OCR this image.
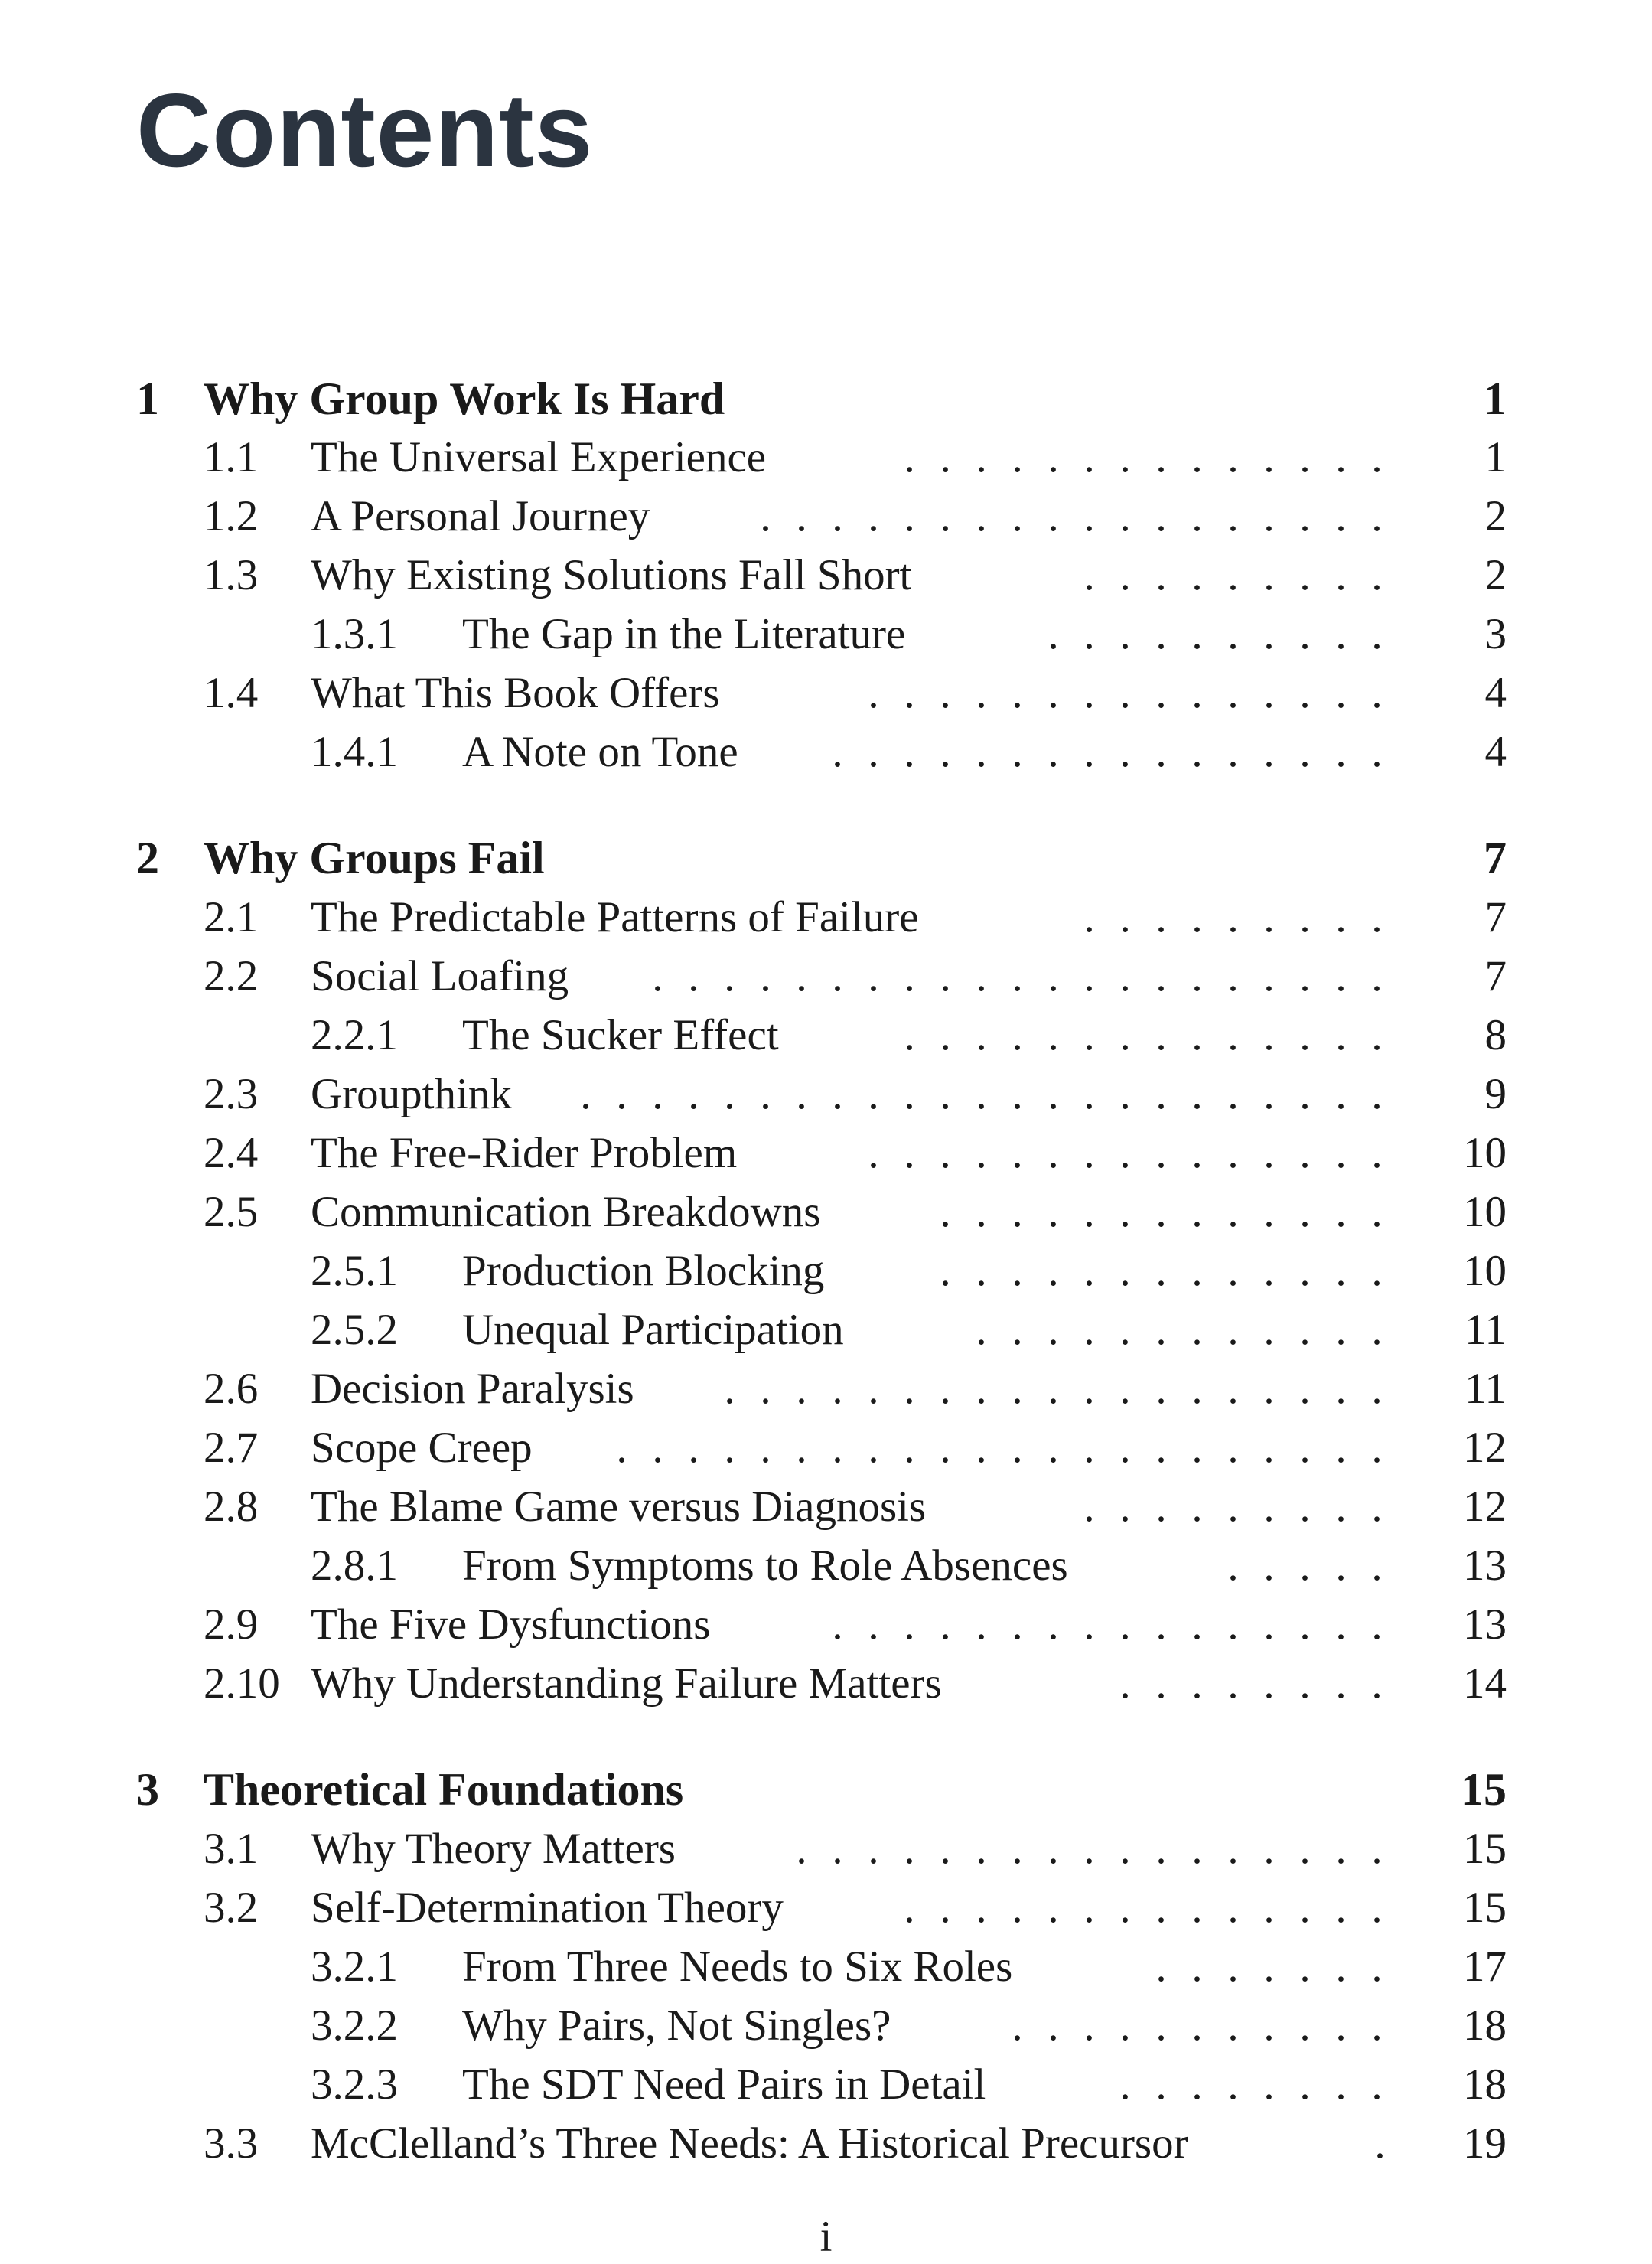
Contents
1 Why Group Work Is Hard	1
1.1 The Universal Experience	. . . . . . . . . . . . . .	1
1.2 A Personal Journey	. . . . . . . . . . . . . . . . . .	2
1.3 Why Existing Solutions Fall Short	. . . . . . . . .	2
1.3.1 The Gap in the Literature	. . . . . . . . . .	3
1.4 What This Book Offers	. . . . . . . . . . . . . . .	4
1.4.1 A Note on Tone	. . . . . . . . . . . . . . . .	4
2 Why Groups Fail	7
2.1 The Predictable Patterns of Failure	. . . . . . . . .	7
2.2 Social Loafing	. . . . . . . . . . . . . . . . . . . . .	7
2.2.1 The Sucker Effect	. . . . . . . . . . . . . .	8
2.3 Groupthink	. . . . . . . . . . . . . . . . . . . . . . .	9
2.4 The Free-Rider Problem	. . . . . . . . . . . . . . .	10
2.5 Communication Breakdowns	. . . . . . . . . . . . .	10
2.5.1 Production Blocking	. . . . . . . . . . . . .	10
2.5.2 Unequal Participation	. . . . . . . . . . . .	11
2.6 Decision Paralysis	. . . . . . . . . . . . . . . . . . .	11
2.7 Scope Creep	. . . . . . . . . . . . . . . . . . . . . .	12
2.8 The Blame Game versus Diagnosis	. . . . . . . . .	12
2.8.1 From Symptoms to Role Absences	. . . . .	13
2.9 The Five Dysfunctions	. . . . . . . . . . . . . . . .	13
2.10 Why Understanding Failure Matters	. . . . . . . .	14
3 Theoretical Foundations	15
3.1 Why Theory Matters	. . . . . . . . . . . . . . . . .	15
3.2 Self-Determination Theory	. . . . . . . . . . . . . .	15
3.2.1 From Three Needs to Six Roles	. . . . . . .	17
3.2.2 Why Pairs, Not Singles?	. . . . . . . . . . .	18
3.2.3 The SDT Need Pairs in Detail	. . . . . . . .	18
3.3 McClelland’s Three Needs: A Historical Precursor	.	19
i
